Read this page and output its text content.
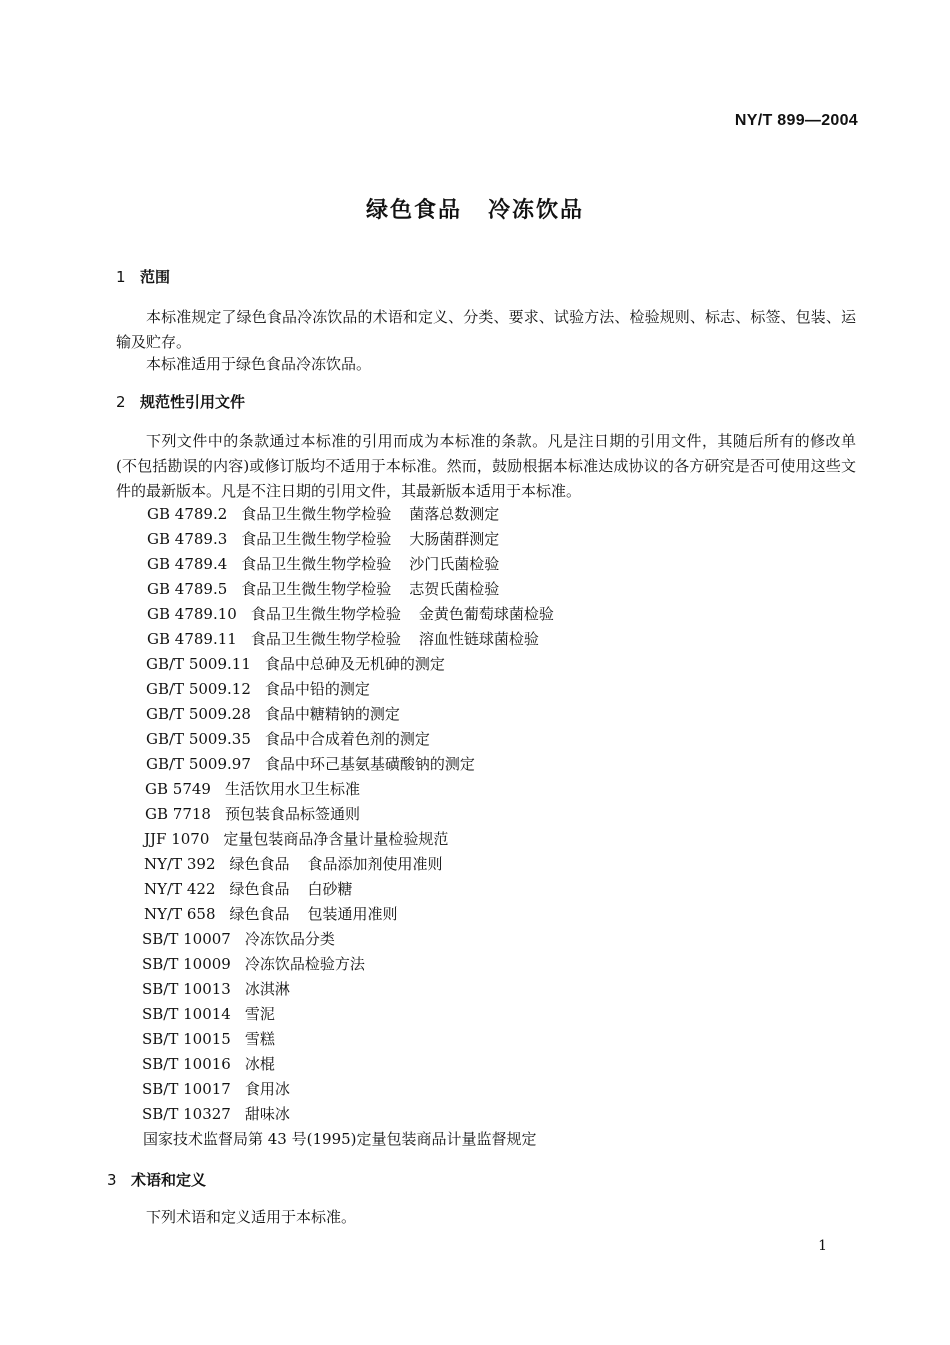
NY/T 899—2004
绿色食品 冷冻饮品
1 范围
本标准规定了绿色食品冷冻饮品的术语和定义、分类、要求、试验方法、检验规则、标志、标签、包装、运输及贮存。
本标准适用于绿色食品冷冻饮品。
2 规范性引用文件
下列文件中的条款通过本标准的引用而成为本标准的条款。凡是注日期的引用文件，其随后所有的修改单(不包括勘误的内容)或修订版均不适用于本标准。然而，鼓励根据本标准达成协议的各方研究是否可使用这些文件的最新版本。凡是不注日期的引用文件，其最新版本适用于本标准。
GB 4789.2 食品卫生微生物学检验 菌落总数测定
GB 4789.3 食品卫生微生物学检验 大肠菌群测定
GB 4789.4 食品卫生微生物学检验 沙门氏菌检验
GB 4789.5 食品卫生微生物学检验 志贺氏菌检验
GB 4789.10 食品卫生微生物学检验 金黄色葡萄球菌检验
GB 4789.11 食品卫生微生物学检验 溶血性链球菌检验
GB/T 5009.11 食品中总砷及无机砷的测定
GB/T 5009.12 食品中铅的测定
GB/T 5009.28 食品中糖精钠的测定
GB/T 5009.35 食品中合成着色剂的测定
GB/T 5009.97 食品中环己基氨基磺酸钠的测定
GB 5749 生活饮用水卫生标准
GB 7718 预包装食品标签通则
JJF 1070 定量包装商品净含量计量检验规范
NY/T 392 绿色食品 食品添加剂使用准则
NY/T 422 绿色食品 白砂糖
NY/T 658 绿色食品 包装通用准则
SB/T 10007 冷冻饮品分类
SB/T 10009 冷冻饮品检验方法
SB/T 10013 冰淇淋
SB/T 10014 雪泥
SB/T 10015 雪糕
SB/T 10016 冰棍
SB/T 10017 食用冰
SB/T 10327 甜味冰
国家技术监督局第 43 号(1995)定量包装商品计量监督规定
3 术语和定义
下列术语和定义适用于本标准。
1
